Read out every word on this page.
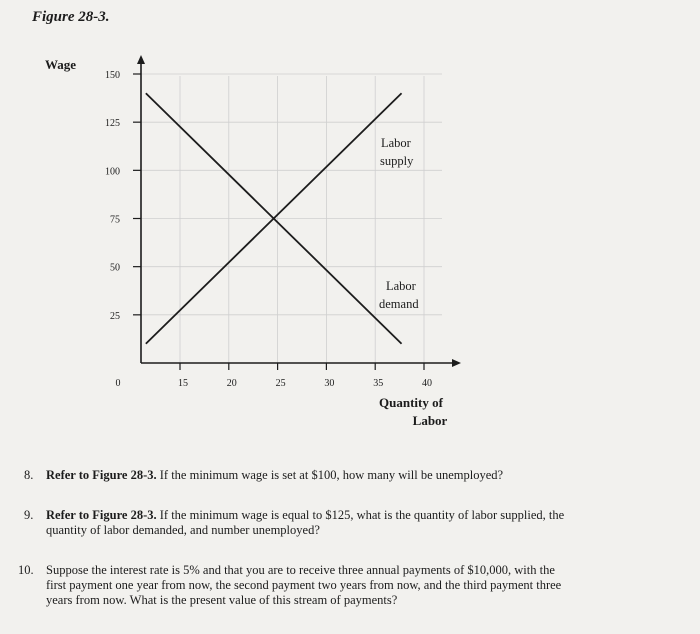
Figure 28-3.
25
50
75
100
125
150
0	15	20	25	30	35	40
Wage
Quantity of
Labor
Labor
supply
Labor
demand
8. Refer to Figure 28-3. If the minimum wage is set at $100, how many will be unemployed?
9. Refer to Figure 28-3. If the minimum wage is equal to $125, what is the quantity of labor supplied, the
quantity of labor demanded, and number unemployed?
10. Suppose the interest rate is 5% and that you are to receive three annual payments of $10,000, with the
first payment one year from now, the second payment two years from now, and the third payment three
years from now. What is the present value of this stream of payments?
